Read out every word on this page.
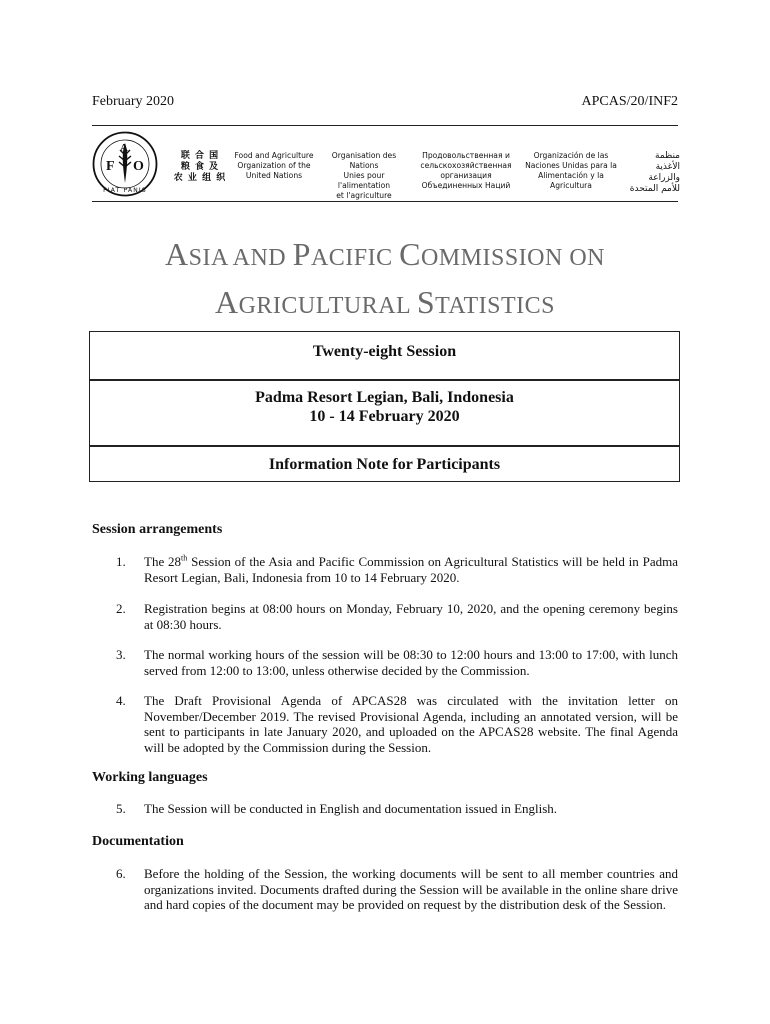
February 2020	APCAS/20/INF2
F
A
O
FIAT PANIS
联 合 国
粮 食 及
农 业 组 织
Food and Agriculture
Organization of the
United Nations
Organisation des Nations
Unies pour l'alimentation
et l'agriculture
Продовольственная и
сельскохозяйственная организация
Объединенных Наций
Organización de las
Naciones Unidas para la
Alimentación y la Agricultura
منظمة
الأغذية والزراعة
للأمم المتحدة
ASIA AND PACIFIC COMMISSION ON
AGRICULTURAL STATISTICS
Twenty-eight Session
Padma Resort Legian, Bali, Indonesia
10 - 14 February 2020
Information Note for Participants
Session arrangements
1. The 28th Session of the Asia and Pacific Commission on Agricultural Statistics will be held in Padma Resort Legian, Bali, Indonesia from 10 to 14 February 2020.
2. Registration begins at 08:00 hours on Monday, February 10, 2020, and the opening ceremony begins at 08:30 hours.
3. The normal working hours of the session will be 08:30 to 12:00 hours and 13:00 to 17:00, with lunch served from 12:00 to 13:00, unless otherwise decided by the Commission.
4. The Draft Provisional Agenda of APCAS28 was circulated with the invitation letter on November/December 2019. The revised Provisional Agenda, including an annotated version, will be sent to participants in late January 2020, and uploaded on the APCAS28 website. The final Agenda will be adopted by the Commission during the Session.
Working languages
5. The Session will be conducted in English and documentation issued in English.
Documentation
6. Before the holding of the Session, the working documents will be sent to all member countries and organizations invited. Documents drafted during the Session will be available in the online share drive and hard copies of the document may be provided on request by the distribution desk of the Session.
